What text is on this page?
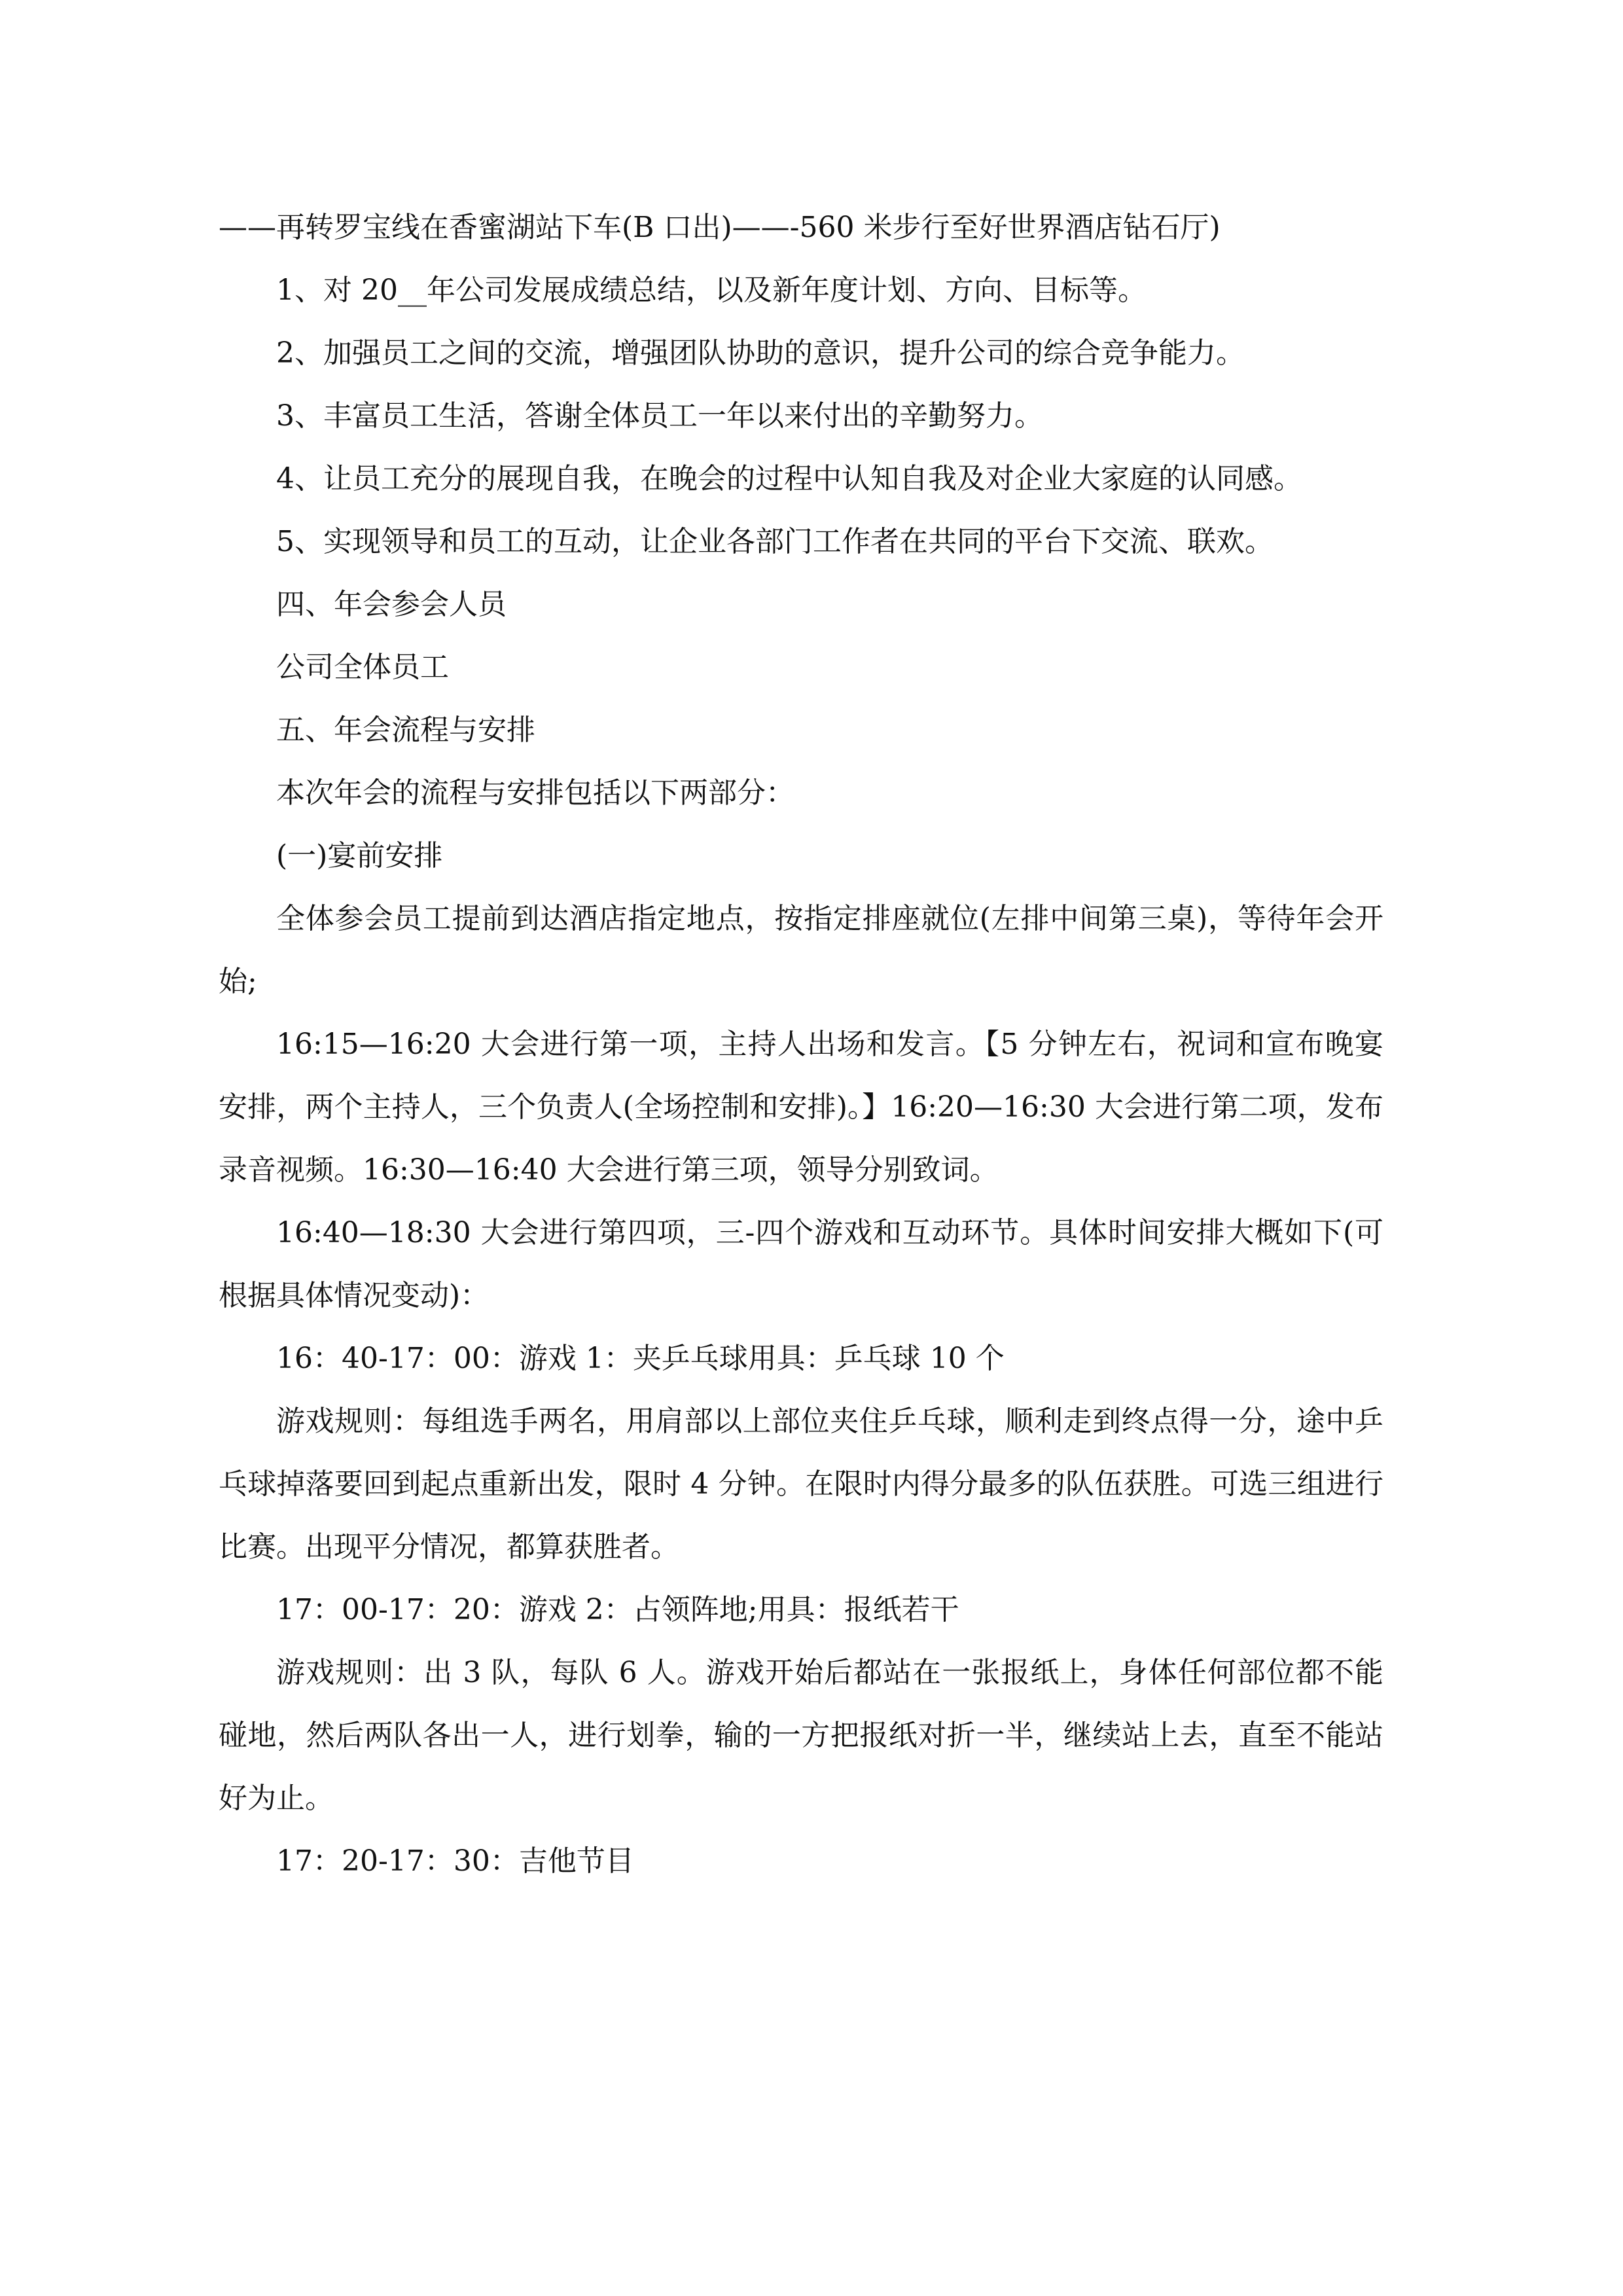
——再转罗宝线在香蜜湖站下车(B 口出)——-560 米步行至好世界酒店钻石厅)

1、对 20__年公司发展成绩总结，以及新年度计划、方向、目标等。

2、加强员工之间的交流，增强团队协助的意识，提升公司的综合竞争能力。

3、丰富员工生活，答谢全体员工一年以来付出的辛勤努力。

4、让员工充分的展现自我，在晚会的过程中认知自我及对企业大家庭的认同感。

5、实现领导和员工的互动，让企业各部门工作者在共同的平台下交流、联欢。

四、年会参会人员

公司全体员工

五、年会流程与安排

本次年会的流程与安排包括以下两部分：

(一)宴前安排

全体参会员工提前到达酒店指定地点，按指定排座就位(左排中间第三桌)，等待年会开始;

16:15—16:20 大会进行第一项，主持人出场和发言。【5 分钟左右，祝词和宣布晚宴安排，两个主持人，三个负责人(全场控制和安排)。】16:20—16:30 大会进行第二项，发布录音视频。16:30—16:40 大会进行第三项，领导分别致词。

16:40—18:30 大会进行第四项，三-四个游戏和互动环节。具体时间安排大概如下(可根据具体情况变动)：

16：40-17：00：游戏 1：夹乒乓球用具：乒乓球 10 个

游戏规则：每组选手两名，用肩部以上部位夹住乒乓球，顺利走到终点得一分，途中乒乓球掉落要回到起点重新出发，限时 4 分钟。在限时内得分最多的队伍获胜。可选三组进行比赛。出现平分情况，都算获胜者。

17：00-17：20：游戏 2：占领阵地;用具：报纸若干

游戏规则：出 3 队，每队 6 人。游戏开始后都站在一张报纸上，身体任何部位都不能碰地，然后两队各出一人，进行划拳，输的一方把报纸对折一半，继续站上去，直至不能站好为止。

17：20-17：30：吉他节目
